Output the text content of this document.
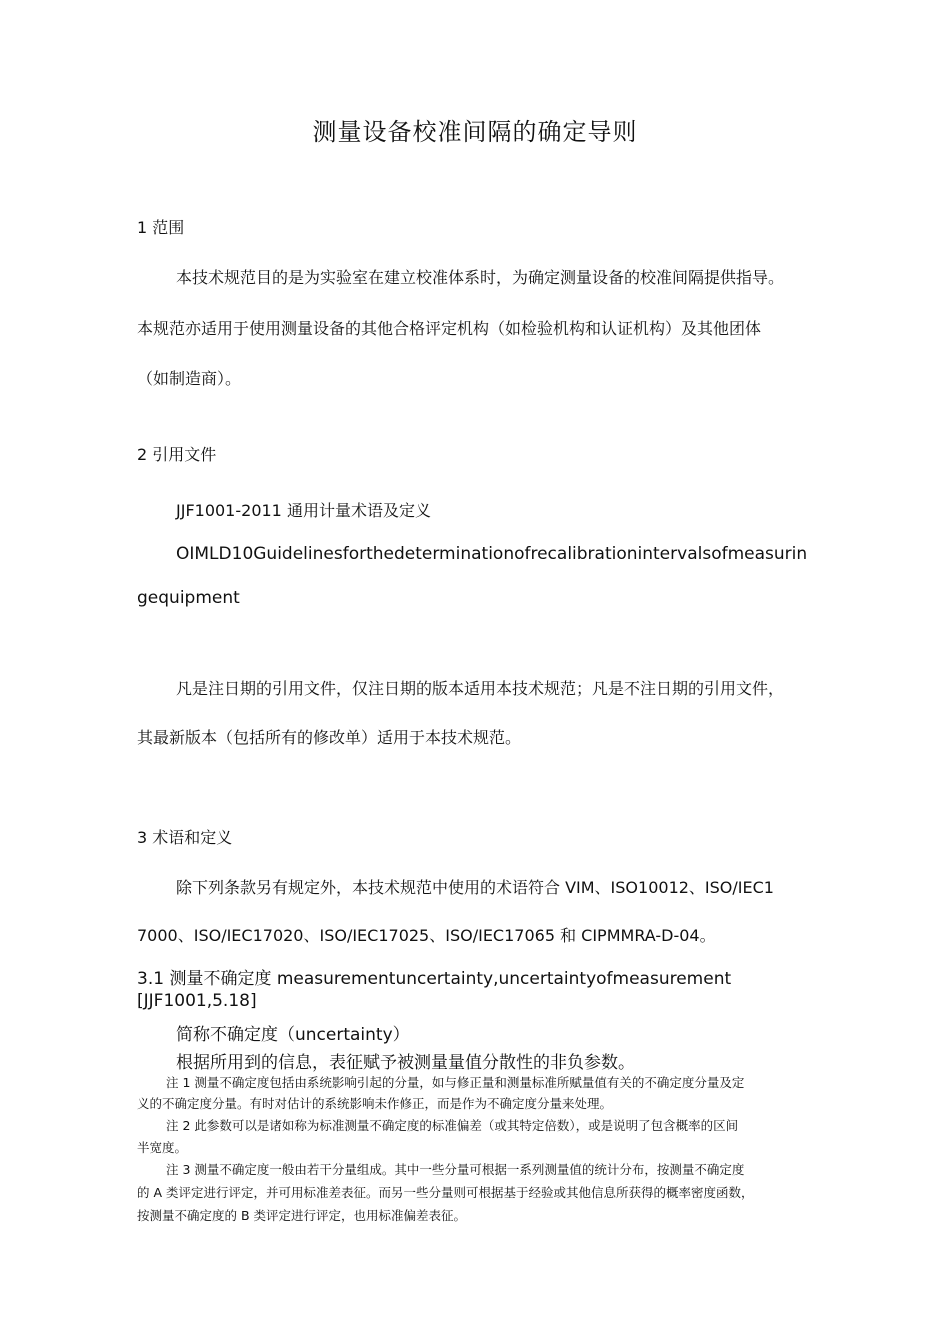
测量设备校准间隔的确定导则
1 范围
本技术规范目的是为实验室在建立校准体系时，为确定测量设备的校准间隔提供指导。
本规范亦适用于使用测量设备的其他合格评定机构（如检验机构和认证机构）及其他团体
（如制造商）。
2 引用文件
JJF1001-2011 通用计量术语及定义
OIMLD10Guidelinesforthedeterminationofrecalibrationintervalsofmeasurin
gequipment
凡是注日期的引用文件，仅注日期的版本适用本技术规范；凡是不注日期的引用文件，
其最新版本（包括所有的修改单）适用于本技术规范。
3 术语和定义
除下列条款另有规定外，本技术规范中使用的术语符合 VIM、ISO10012、ISO/IEC1
7000、ISO/IEC17020、ISO/IEC17025、ISO/IEC17065 和 CIPMMRA-D-04。
3.1 测量不确定度 measurementuncertainty,uncertaintyofmeasurement
[JJF1001,5.18]
简称不确定度（uncertainty）
根据所用到的信息，表征赋予被测量量值分散性的非负参数。
注 1 测量不确定度包括由系统影响引起的分量，如与修正量和测量标准所赋量值有关的不确定度分量及定
义的不确定度分量。有时对估计的系统影响未作修正，而是作为不确定度分量来处理。
注 2 此参数可以是诸如称为标准测量不确定度的标准偏差（或其特定倍数），或是说明了包含概率的区间
半宽度。
注 3 测量不确定度一般由若干分量组成。其中一些分量可根据一系列测量值的统计分布，按测量不确定度
的 A 类评定进行评定，并可用标准差表征。而另一些分量则可根据基于经验或其他信息所获得的概率密度函数，
按测量不确定度的 B 类评定进行评定，也用标准偏差表征。
